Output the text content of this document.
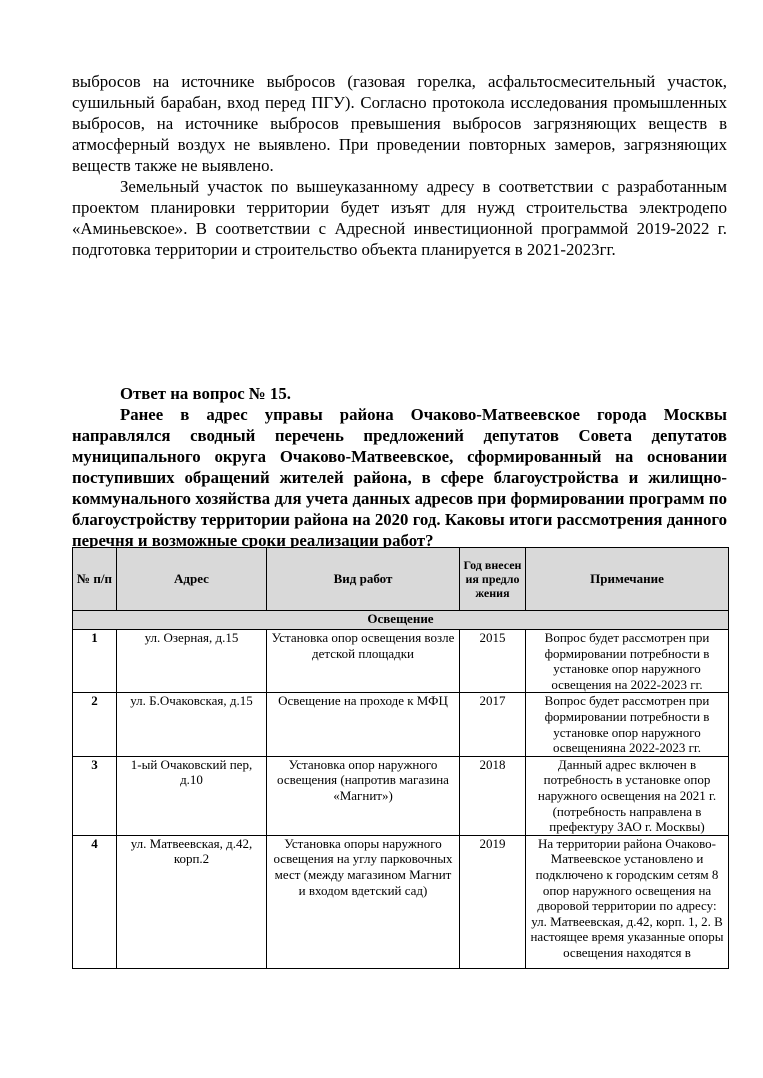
выбросов на источнике выбросов (газовая горелка, асфальтосмесительный участок, сушильный барабан, вход перед ПГУ). Согласно протокола исследования промышленных выбросов, на источнике выбросов превышения выбросов загрязняющих веществ в атмосферный воздух не выявлено. При проведении повторных замеров, загрязняющих веществ также не выявлено.

Земельный участок по вышеуказанному адресу в соответствии с разработанным проектом планировки территории будет изъят для нужд строительства электродепо «Аминьевское». В соответствии с Адресной инвестиционной программой 2019-2022 г. подготовка территории и строительство объекта планируется в 2021-2023гг.

Ответ на вопрос № 15.

Ранее в адрес управы района Очаково-Матвеевское города Москвы направлялся сводный перечень предложений депутатов Совета депутатов муниципального округа Очаково-Матвеевское, сформированный на основании поступивших обращений жителей района, в сфере благоустройства и жилищно-коммунального хозяйства для учета данных адресов при формировании программ по благоустройству территории района на 2020 год. Каковы итоги рассмотрения данного перечня и возможные сроки реализации работ?

№ п/п	Адрес	Вид работ	Год внесения предложения	Примечание
Освещение				
1	ул. Озерная, д.15	Установка опор освещения возле детской площадки	2015	Вопрос будет рассмотрен при формировании потребности в установке опор наружного освещения на 2022-2023 гг.
2	ул. Б.Очаковская, д.15	Освещение на проходе к МФЦ	2017	Вопрос будет рассмотрен при формировании потребности в установке опор наружного освещенияна 2022-2023 гг.
3	1-ый Очаковский пер, д.10	Установка опор наружного освещения (напротив магазина «Магнит»)	2018	Данный адрес включен в потребность в установке опор наружного освещения на 2021 г. (потребность направлена в префектуру ЗАО г. Москвы)
4	ул. Матвеевская, д.42, корп.2	Установка опоры наружного освещения на углу парковочных мест (между магазином Магнит и входом вдетский сад)	2019	На территории района Очаково-Матвеевское установлено и подключено к городским сетям 8 опор наружного освещения на дворовой территории по адресу: ул. Матвеевская, д.42, корп. 1, 2. В настоящее время указанные опоры освещения находятся в
